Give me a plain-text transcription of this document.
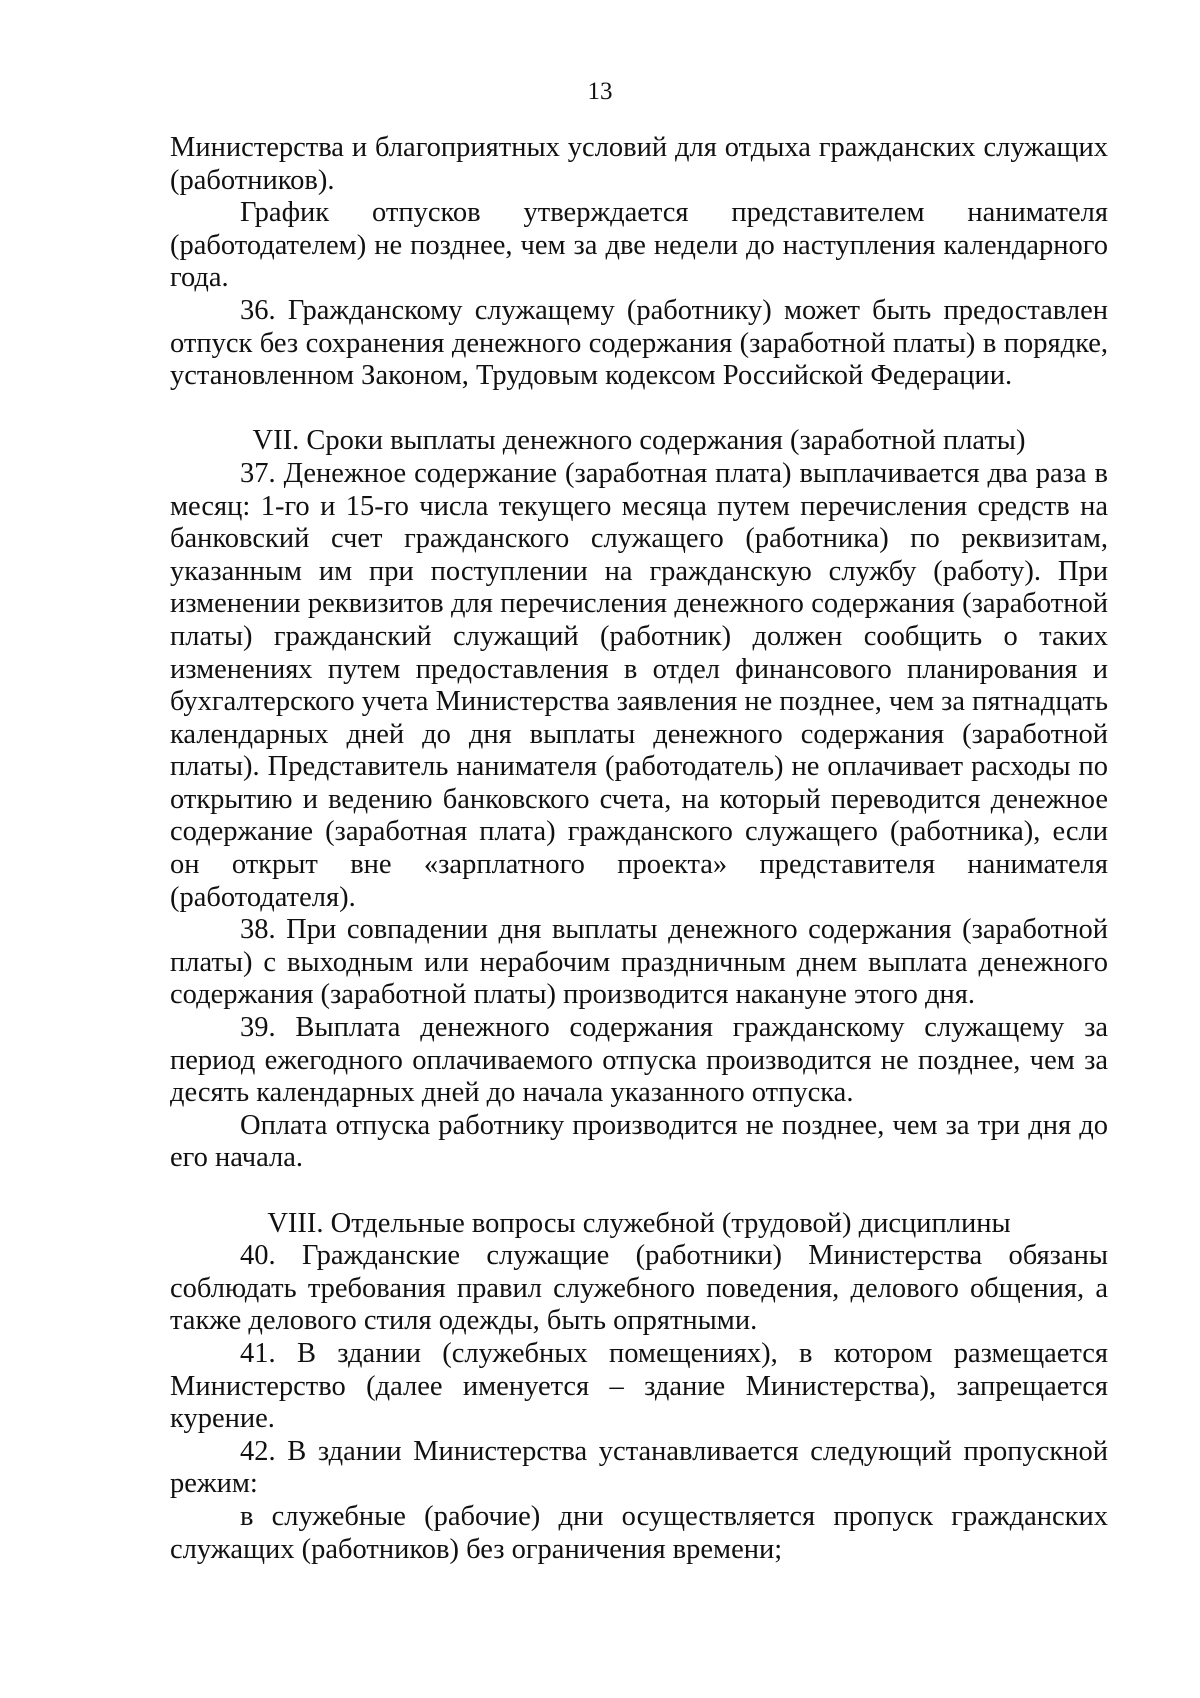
13

Министерства и благоприятных условий для отдыха гражданских служащих (работников).

График отпусков утверждается представителем нанимателя (работодателем) не позднее, чем за две недели до наступления календарного года.

36. Гражданскому служащему (работнику) может быть предоставлен отпуск без сохранения денежного содержания (заработной платы) в порядке, установленном Законом, Трудовым кодексом Российской Федерации.

VII. Сроки выплаты денежного содержания (заработной платы)

37. Денежное содержание (заработная плата) выплачивается два раза в месяц: 1-го и 15-го числа текущего месяца путем перечисления средств на банковский счет гражданского служащего (работника) по реквизитам, указанным им при поступлении на гражданскую службу (работу). При изменении реквизитов для перечисления денежного содержания (заработной платы) гражданский служащий (работник) должен сообщить о таких изменениях путем предоставления в отдел финансового планирования и бухгалтерского учета Министерства заявления не позднее, чем за пятнадцать календарных дней до дня выплаты денежного содержания (заработной платы). Представитель нанимателя (работодатель) не оплачивает расходы по открытию и ведению банковского счета, на который переводится денежное содержание (заработная плата) гражданского служащего (работника), если он открыт вне «зарплатного проекта» представителя нанимателя (работодателя).

38. При совпадении дня выплаты денежного содержания (заработной платы) с выходным или нерабочим праздничным днем выплата денежного содержания (заработной платы) производится накануне этого дня.

39. Выплата денежного содержания гражданскому служащему за период ежегодного оплачиваемого отпуска производится не позднее, чем за десять календарных дней до начала указанного отпуска.

Оплата отпуска работнику производится не позднее, чем за три дня до его начала.

VIII. Отдельные вопросы служебной (трудовой) дисциплины

40. Гражданские служащие (работники) Министерства обязаны соблюдать требования правил служебного поведения, делового общения, а также делового стиля одежды, быть опрятными.

41. В здании (служебных помещениях), в котором размещается Министерство (далее именуется – здание Министерства), запрещается курение.

42. В здании Министерства устанавливается следующий пропускной режим:

в служебные (рабочие) дни осуществляется пропуск гражданских служащих (работников) без ограничения времени;
